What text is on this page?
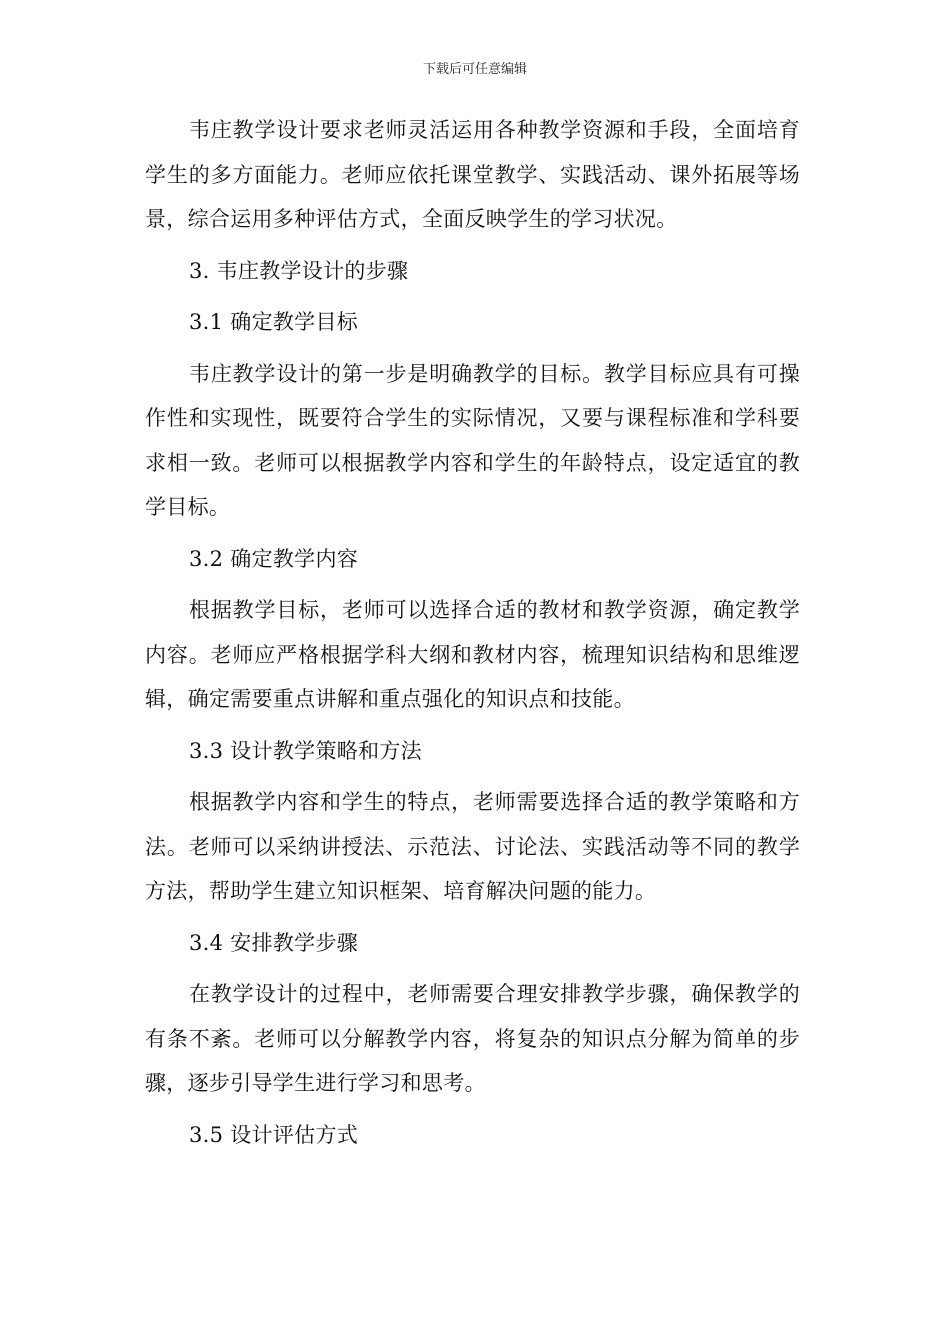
下载后可任意编辑

韦庄教学设计要求老师灵活运用各种教学资源和手段，全面培育学生的多方面能力。老师应依托课堂教学、实践活动、课外拓展等场景，综合运用多种评估方式，全面反映学生的学习状况。

3. 韦庄教学设计的步骤

3.1 确定教学目标

韦庄教学设计的第一步是明确教学的目标。教学目标应具有可操作性和实现性，既要符合学生的实际情况，又要与课程标准和学科要求相一致。老师可以根据教学内容和学生的年龄特点，设定适宜的教学目标。

3.2 确定教学内容

根据教学目标，老师可以选择合适的教材和教学资源，确定教学内容。老师应严格根据学科大纲和教材内容，梳理知识结构和思维逻辑，确定需要重点讲解和重点强化的知识点和技能。

3.3 设计教学策略和方法

根据教学内容和学生的特点，老师需要选择合适的教学策略和方法。老师可以采纳讲授法、示范法、讨论法、实践活动等不同的教学方法，帮助学生建立知识框架、培育解决问题的能力。

3.4 安排教学步骤

在教学设计的过程中，老师需要合理安排教学步骤，确保教学的有条不紊。老师可以分解教学内容，将复杂的知识点分解为简单的步骤，逐步引导学生进行学习和思考。

3.5 设计评估方式
